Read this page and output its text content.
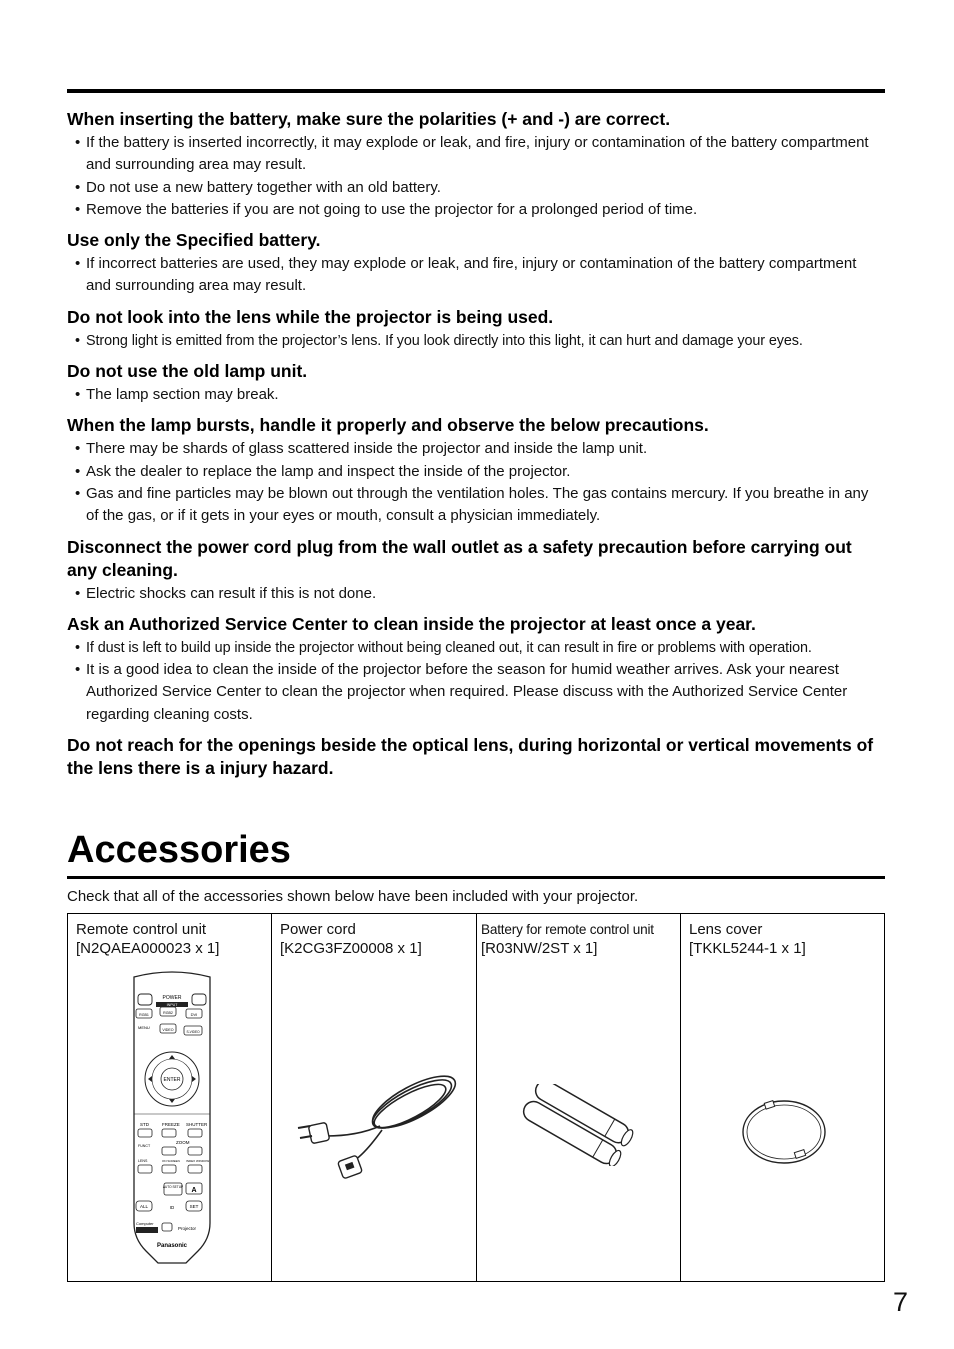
When inserting the battery, make sure the polarities (+ and -) are correct.

• If the battery is inserted incorrectly, it may explode or leak, and fire, injury or contamination of the battery compartment and surrounding area may result.
• Do not use a new battery together with an old battery.
• Remove the batteries if you are not going to use the projector for a prolonged period of time.

Use only the Specified battery.

• If incorrect batteries are used, they may explode or leak, and fire, injury or contamination of the battery compartment and surrounding area may result.

Do not look into the lens while the projector is being used.

• Strong light is emitted from the projector’s lens. If you look directly into this light, it can hurt and damage your eyes.

Do not use the old lamp unit.

• The lamp section may break.

When the lamp bursts, handle it properly and observe the below precautions.

• There may be shards of glass scattered inside the projector and inside the lamp unit.
• Ask the dealer to replace the lamp and inspect the inside of the projector.
• Gas and fine particles may be blown out through the ventilation holes. The gas contains mercury. If you breathe in any of the gas, or if it gets in your eyes or mouth, consult a physician immediately.

Disconnect the power cord plug from the wall outlet as a safety precaution before carrying out any cleaning.

• Electric shocks can result if this is not done.

Ask an Authorized Service Center to clean inside the projector at least once a year.

• If dust is left to build up inside the projector without being cleaned out, it can result in fire or problems with operation.
• It is a good idea to clean the inside of the projector before the season for humid weather arrives. Ask your nearest Authorized Service Center to clean the projector when required. Please discuss with the Authorized Service Center regarding cleaning costs.

Do not reach for the openings beside the optical lens, during horizontal or vertical movements of the lens there is a injury hazard.

Accessories
Check that all of the accessories shown below have been included with your projector.
Remote control unit
[N2QAEA000023 x 1]
POWER
INPUT
RGB1	RGB2	DVI
MENU	VIDEO	S-VIDEO
ENTER
STD	FREEZE SHUTTER
ZOOM
FUNCT
LENS	ON SCREEN INDEX WINDOW
AUTO SETUP A
ALL	ID	SET
Computer
Projector
Panasonic
Power cord
[K2CG3FZ00008 x 1]
Battery for remote control unit
[R03NW/2ST x 1]
Lens cover
[TKKL5244-1 x 1]
7
